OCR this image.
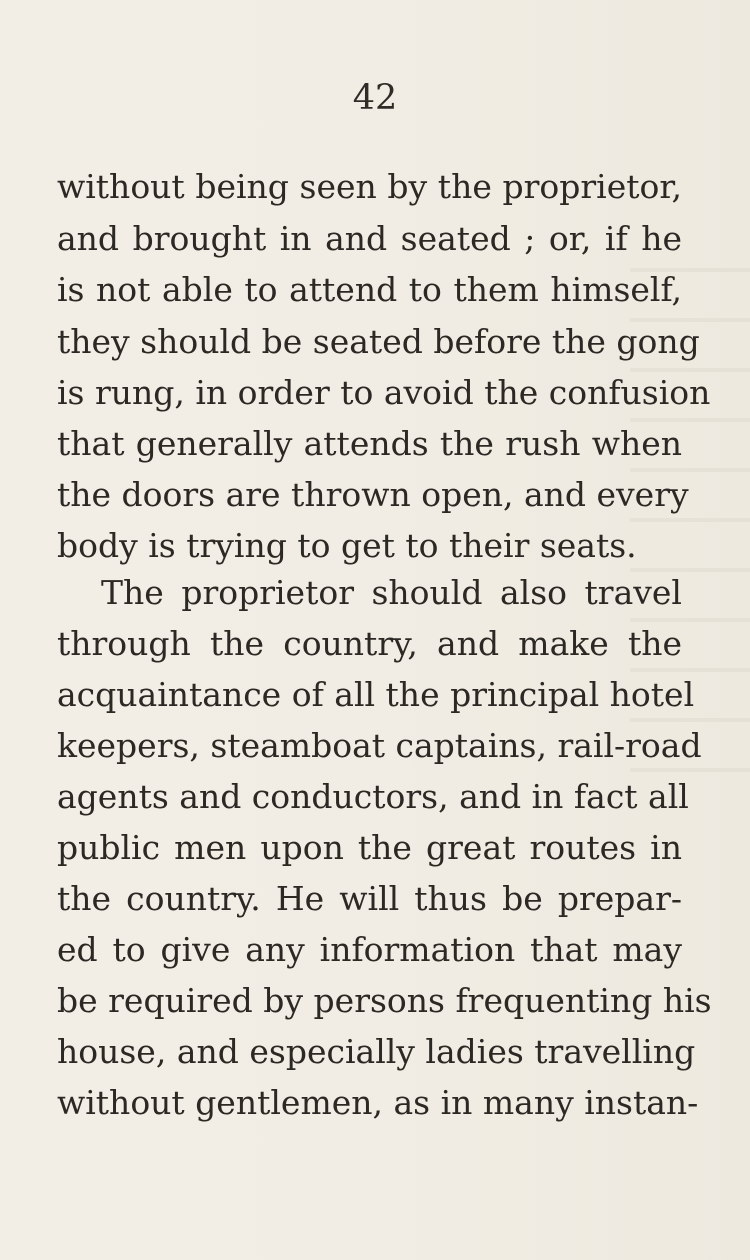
42
without being seen by the proprietor,
and brought in and seated ; or, if he
is not able to attend to them himself,
they should be seated before the gong
is rung, in order to avoid the confusion
that generally attends the rush when
the doors are thrown open, and every
body is trying to get to their seats.
The proprietor should also travel
through the country, and make the
acquaintance of all the principal hotel
keepers, steamboat captains, rail-road
agents and conductors, and in fact all
public men upon the great routes in
the country. He will thus be prepar-
ed to give any information that may
be required by persons frequenting his
house, and especially ladies travelling
without gentlemen, as in many instan-
